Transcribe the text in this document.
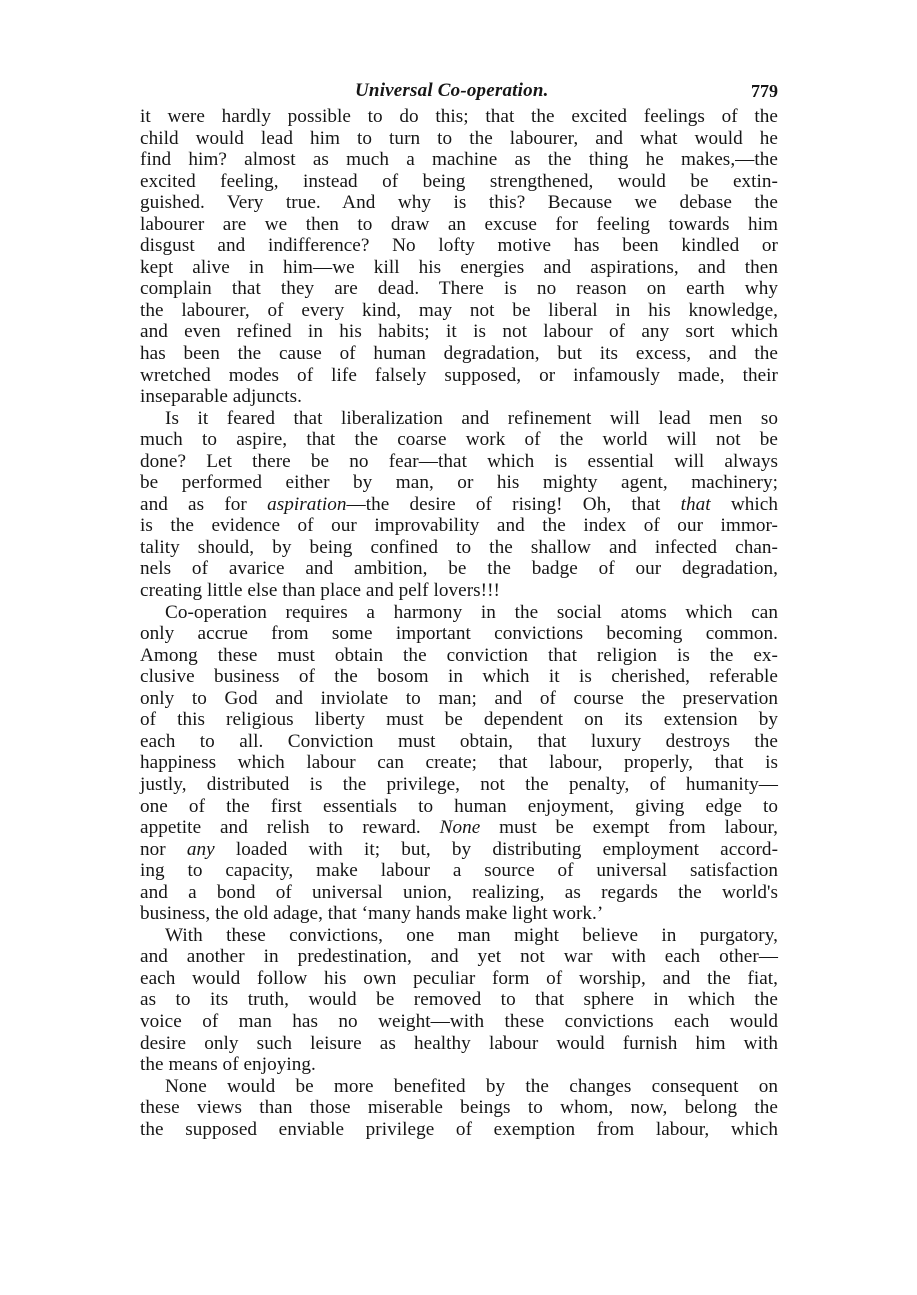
Universal Co-operation.	779
it were hardly possible to do this; that the excited feelings of the
child would lead him to turn to the labourer, and what would he
find him? almost as much a machine as the thing he makes,—the
excited feeling, instead of being strengthened, would be extin-
guished. Very true. And why is this? Because we debase the
labourer are we then to draw an excuse for feeling towards him
disgust and indifference? No lofty motive has been kindled or
kept alive in him—we kill his energies and aspirations, and then
complain that they are dead. There is no reason on earth why
the labourer, of every kind, may not be liberal in his knowledge,
and even refined in his habits; it is not labour of any sort which
has been the cause of human degradation, but its excess, and the
wretched modes of life falsely supposed, or infamously made, their
inseparable adjuncts.
Is it feared that liberalization and refinement will lead men so
much to aspire, that the coarse work of the world will not be
done? Let there be no fear—that which is essential will always
be performed either by man, or his mighty agent, machinery;
and as for aspiration—the desire of rising! Oh, that that which
is the evidence of our improvability and the index of our immor-
tality should, by being confined to the shallow and infected chan-
nels of avarice and ambition, be the badge of our degradation,
creating little else than place and pelf lovers!!!
Co-operation requires a harmony in the social atoms which can
only accrue from some important convictions becoming common.
Among these must obtain the conviction that religion is the ex-
clusive business of the bosom in which it is cherished, referable
only to God and inviolate to man; and of course the preservation
of this religious liberty must be dependent on its extension by
each to all. Conviction must obtain, that luxury destroys the
happiness which labour can create; that labour, properly, that is
justly, distributed is the privilege, not the penalty, of humanity—
one of the first essentials to human enjoyment, giving edge to
appetite and relish to reward. None must be exempt from labour,
nor any loaded with it; but, by distributing employment accord-
ing to capacity, make labour a source of universal satisfaction
and a bond of universal union, realizing, as regards the world's
business, the old adage, that ‘many hands make light work.’
With these convictions, one man might believe in purgatory,
and another in predestination, and yet not war with each other—
each would follow his own peculiar form of worship, and the fiat,
as to its truth, would be removed to that sphere in which the
voice of man has no weight—with these convictions each would
desire only such leisure as healthy labour would furnish him with
the means of enjoying.
None would be more benefited by the changes consequent on
these views than those miserable beings to whom, now, belong the
the supposed enviable privilege of exemption from labour, which
